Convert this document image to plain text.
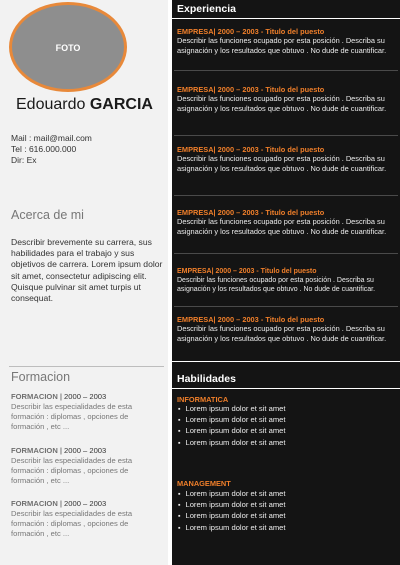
FOTO
Edouardo GARCIA
Mail : mail@mail.com
Tel : 616.000.000
Dir: Ex
Acerca de mi
Describir brevemente su carrera, sus habilidades para el trabajo y sus objetivos de carrera. Lorem ipsum dolor sit amet, consectetur adipiscing elit. Quisque pulvinar sit amet turpis ut consequat.
Formacion
FORMACION | 2000 – 2003
Describir las especialidades de esta formación : diplomas , opciones de formación , etc ...
FORMACION | 2000 – 2003
Describir las especialidades de esta formación : diplomas , opciones de formación , etc ...
FORMACION | 2000 – 2003
Describir las especialidades de esta formación : diplomas , opciones de formación , etc ...
Experiencia
EMPRESA| 2000 – 2003 - Titulo del puesto
Describir las funciones ocupado por esta posición . Describa su asignación y los resultados que obtuvo . No dude de cuantificar.
EMPRESA| 2000 – 2003 - Titulo del puesto
Describir las funciones ocupado por esta posición . Describa su asignación y los resultados que obtuvo . No dude de cuantificar.
EMPRESA| 2000 – 2003 - Titulo del puesto
Describir las funciones ocupado por esta posición . Describa su asignación y los resultados que obtuvo . No dude de cuantificar.
EMPRESA| 2000 – 2003 - Titulo del puesto
Describir las funciones ocupado por esta posición . Describa su asignación y los resultados que obtuvo . No dude de cuantificar.
EMPRESA| 2000 – 2003 - Titulo del puesto
Describir las funciones ocupado por esta posición . Describa su asignación y los resultados que obtuvo . No dude de cuantificar.
EMPRESA| 2000 – 2003 - Titulo del puesto
Describir las funciones ocupado por esta posición . Describa su asignación y los resultados que obtuvo . No dude de cuantificar.
Habilidades
INFORMATICA
▪ Lorem ipsum dolor et sit amet
▪ Lorem ipsum dolor et sit amet
▪ Lorem ipsum dolor et sit amet
▪ Lorem ipsum dolor et sit amet
MANAGEMENT
▪ Lorem ipsum dolor et sit amet
▪ Lorem ipsum dolor et sit amet
▪ Lorem ipsum dolor et sit amet
▪ Lorem ipsum dolor et sit amet
